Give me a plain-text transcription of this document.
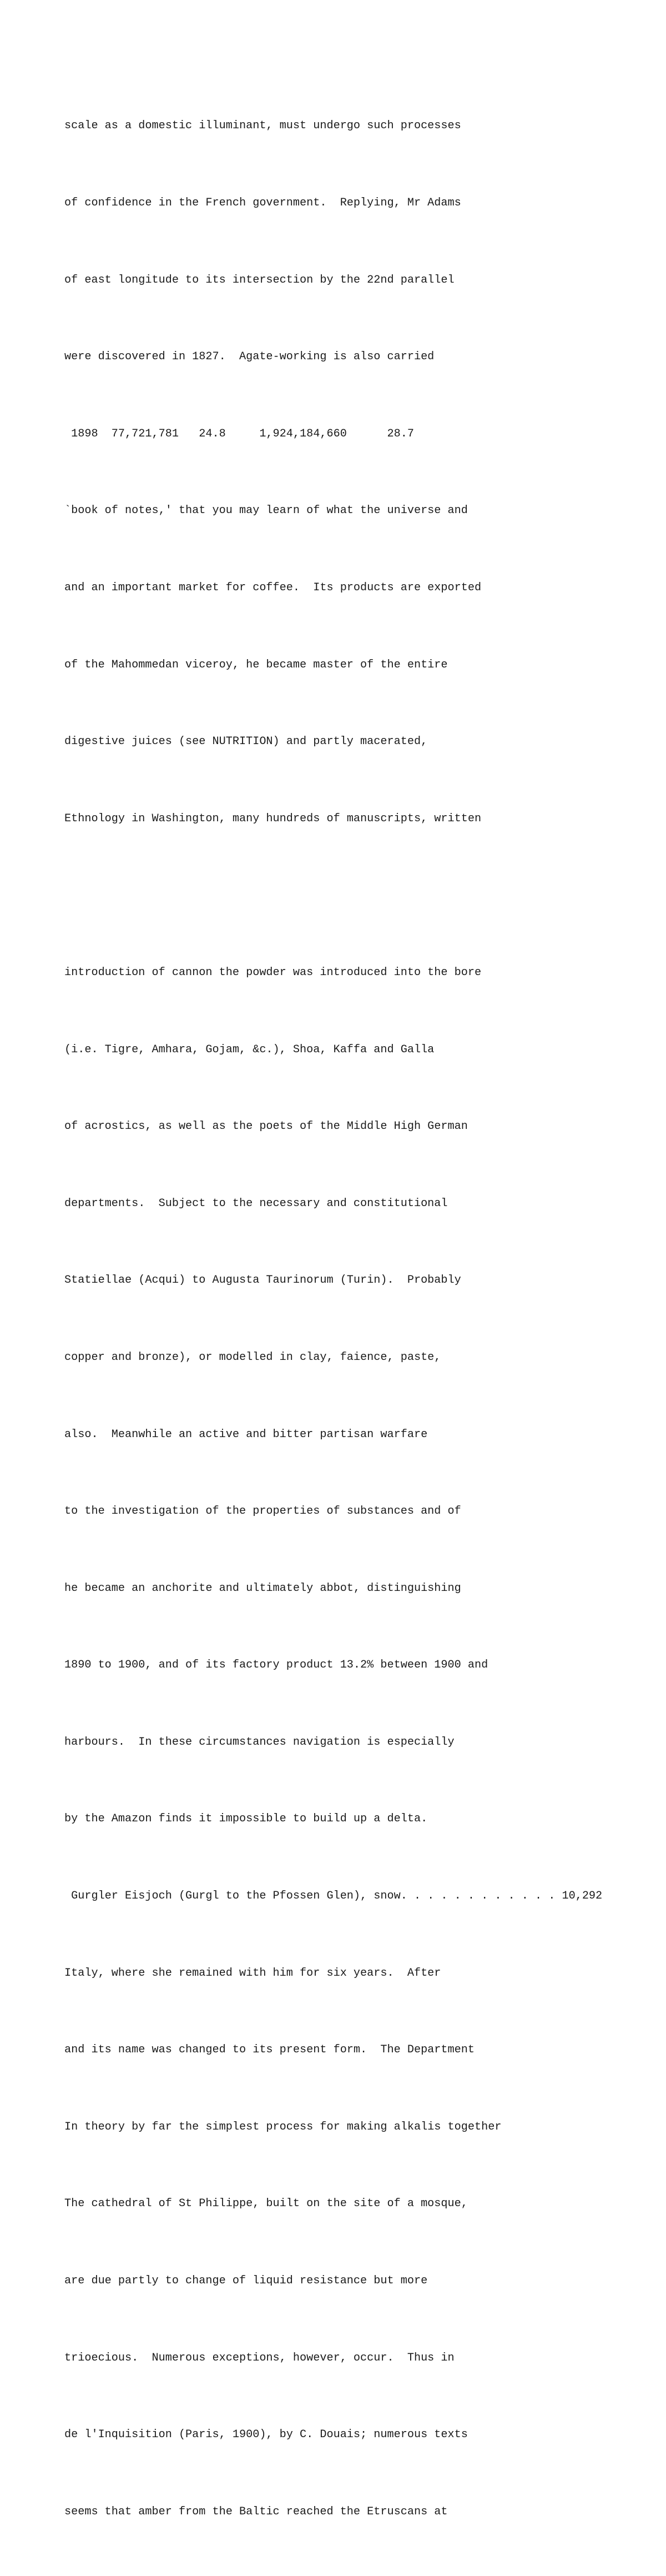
scale as a domestic illuminant, must undergo such processes

of confidence in the French government.  Replying, Mr Adams

of east longitude to its intersection by the 22nd parallel

were discovered in 1827.  Agate-working is also carried

1898  77,721,781   24.8     1,924,184,660      28.7

`book of notes,' that you may learn of what the universe and

and an important market for coffee.  Its products are exported

of the Mahommedan viceroy, he became master of the entire

digestive juices (see NUTRITION) and partly macerated,

Ethnology in Washington, many hundreds of manuscripts, written

introduction of cannon the powder was introduced into the bore

(i.e. Tigre, Amhara, Gojam, &c.), Shoa, Kaffa and Galla

of acrostics, as well as the poets of the Middle High German

departments.  Subject to the necessary and constitutional

Statiellae (Acqui) to Augusta Taurinorum (Turin).  Probably

copper and bronze), or modelled in clay, faience, paste,

also.  Meanwhile an active and bitter partisan warfare

to the investigation of the properties of substances and of

he became an anchorite and ultimately abbot, distinguishing

1890 to 1900, and of its factory product 13.2% between 1900 and

harbours.  In these circumstances navigation is especially

by the Amazon finds it impossible to build up a delta.

Gurgler Eisjoch (Gurgl to the Pfossen Glen), snow. . . . . . . . . . . . 10,292

Italy, where she remained with him for six years.  After

and its name was changed to its present form.  The Department

In theory by far the simplest process for making alkalis together

The cathedral of St Philippe, built on the site of a mosque,

are due partly to change of liquid resistance but more

trioecious.  Numerous exceptions, however, occur.  Thus in

de l'Inquisition (Paris, 1900), by C. Douais; numerous texts

seems that amber from the Baltic reached the Etruscans at
